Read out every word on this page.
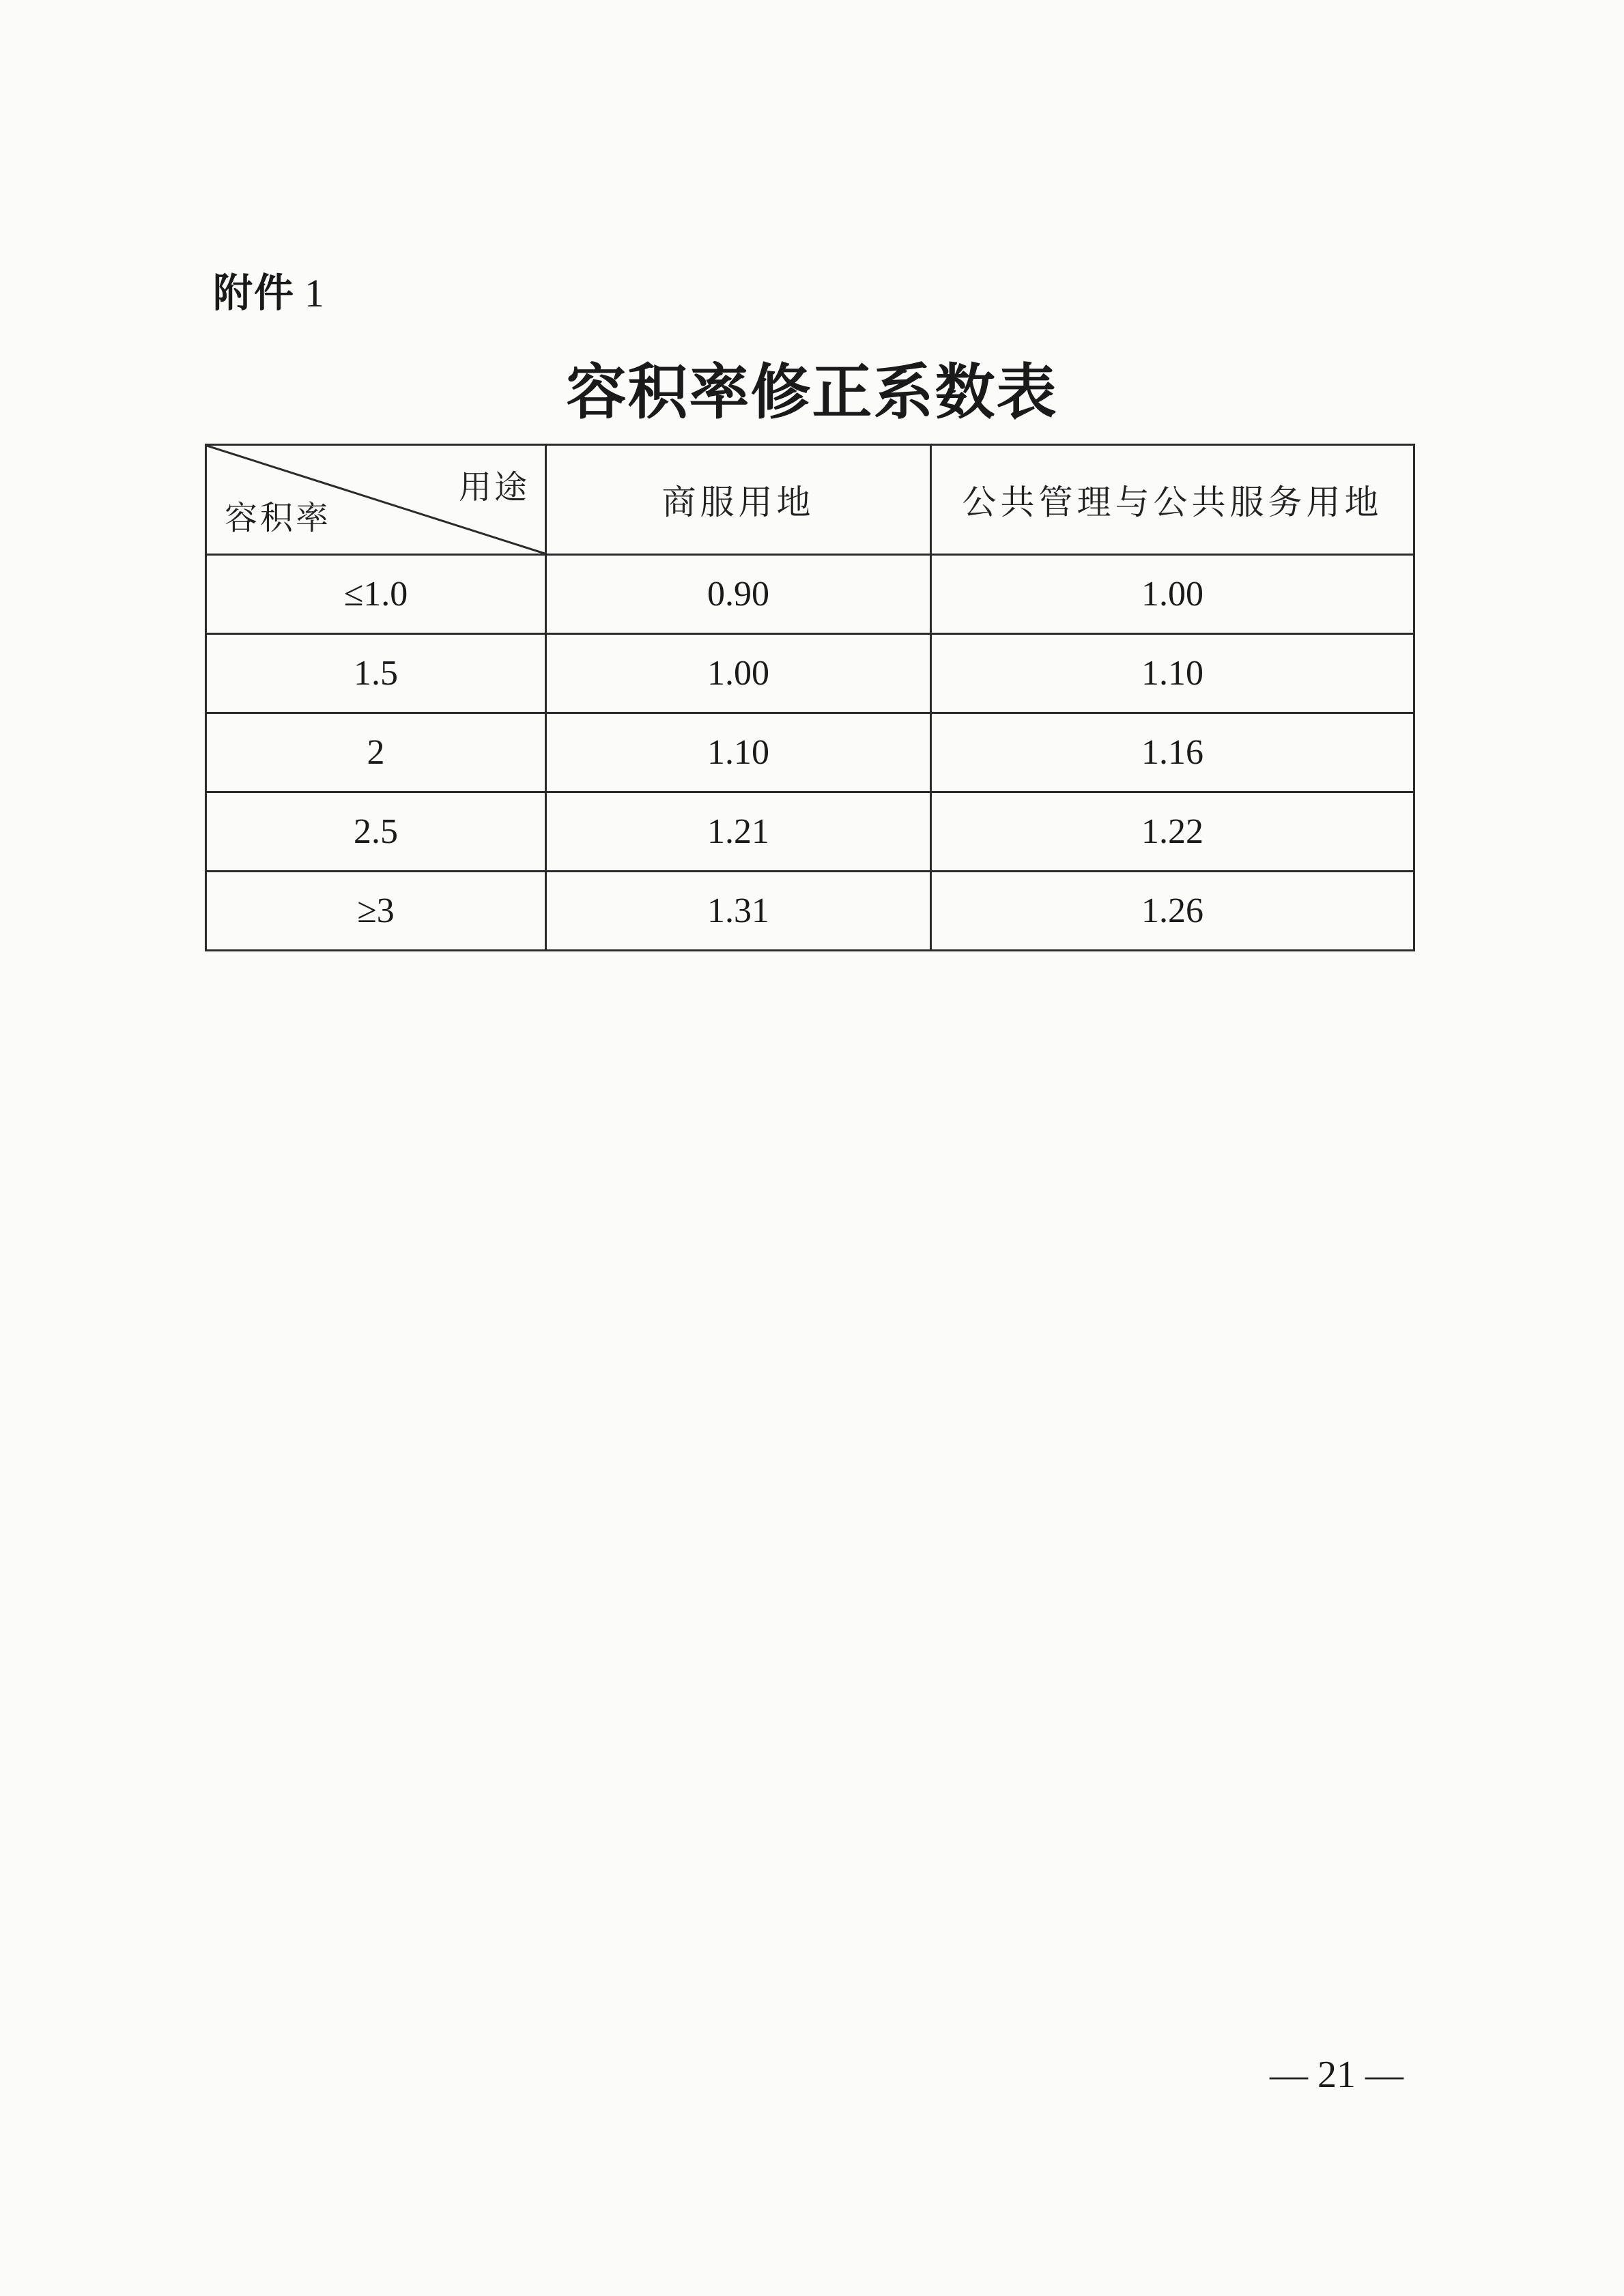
附件 1
容积率修正系数表
用途
容积率	商服用地	公共管理与公共服务用地
≤1.0	0.90	1.00
1.5	1.00	1.10
2	1.10	1.16
2.5	1.21	1.22
≥3	1.31	1.26
— 21 —
